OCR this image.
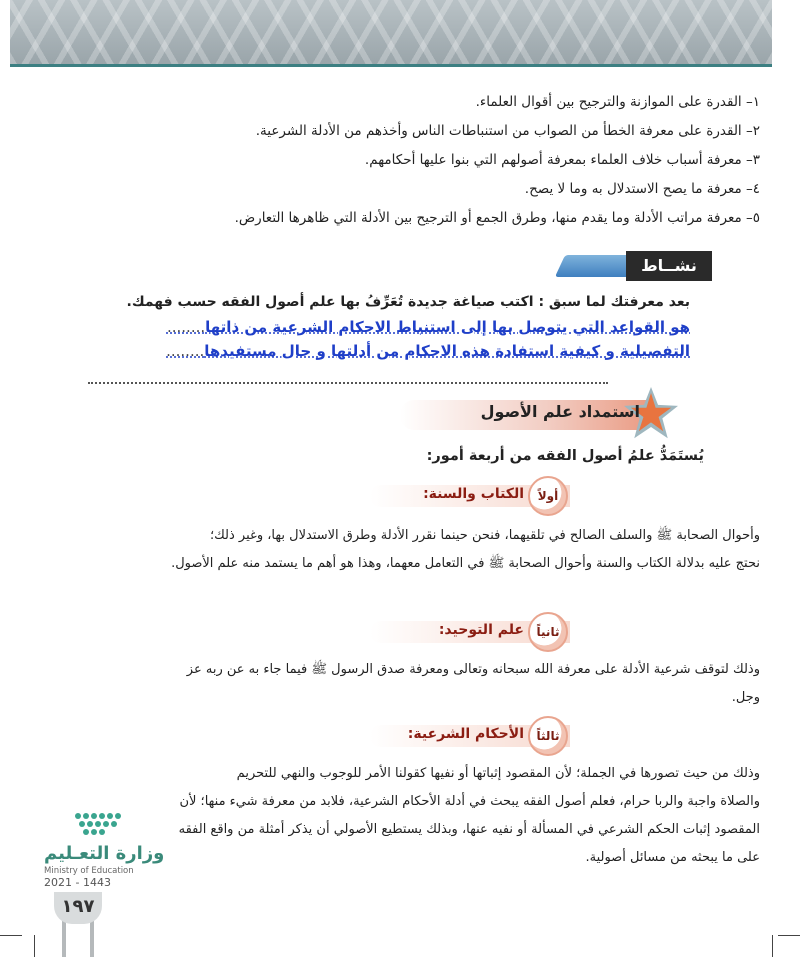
١– القدرة على الموازنة والترجيح بين أقوال العلماء.
٢– القدرة على معرفة الخطأ من الصواب من استنباطات الناس وأخذهم من الأدلة الشرعية.
٣– معرفة أسباب خلاف العلماء بمعرفة أصولهم التي بنوا عليها أحكامهم.
٤– معرفة ما يصح الاستدلال به وما لا يصح.
٥– معرفة مراتب الأدلة وما يقدم منها، وطرق الجمع أو الترجيح بين الأدلة التي ظاهرها التعارض.
نشــاط
بعد معرفتك لما سبق : اكتب صياغة جديدة تُعَرِّفُ بها علم أصول الفقه حسب فهمك.
هو القواعد التي يتوصل بها إلى استنباط الاحكام الشرعية من ذاتها........
التفصيلية و كيفية استفادة هذه الاحكام من أدلتها و حال مستفيدها........
استمداد علم الأصول
يُستَمَدُّ علمُ أصول الفقه من أربعة أمور:
أولاً
الكتاب والسنة:
وأحوال الصحابة ﷺ والسلف الصالح في تلقيهما، فنحن حينما نقرر الأدلة وطرق الاستدلال بها، وغير ذلك؛
نحتج عليه بدلالة الكتاب والسنة وأحوال الصحابة ﷺ في التعامل معهما، وهذا هو أهم ما يستمد منه علم الأصول.
ثانياً
علم التوحيد:
وذلك لتوقف شرعية الأدلة على معرفة الله سبحانه وتعالى ومعرفة صدق الرسول ﷺ فيما جاء به عن ربه عز
وجل.
ثالثاً
الأحكام الشرعية:
وذلك من حيث تصورها في الجملة؛ لأن المقصود إثباتها أو نفيها كقولنا الأمر للوجوب والنهي للتحريم
والصلاة واجبة والربا حرام، فعلم أصول الفقه يبحث في أدلة الأحكام الشرعية، فلابد من معرفة شيء منها؛ لأن
المقصود إثبات الحكم الشرعي في المسألة أو نفيه عنها، وبذلك يستطيع الأصولي أن يذكر أمثلة من واقع الفقه
على ما يبحثه من مسائل أصولية.
وزارة التعـليم
Ministry of Education
2021 - 1443
١٩٧
